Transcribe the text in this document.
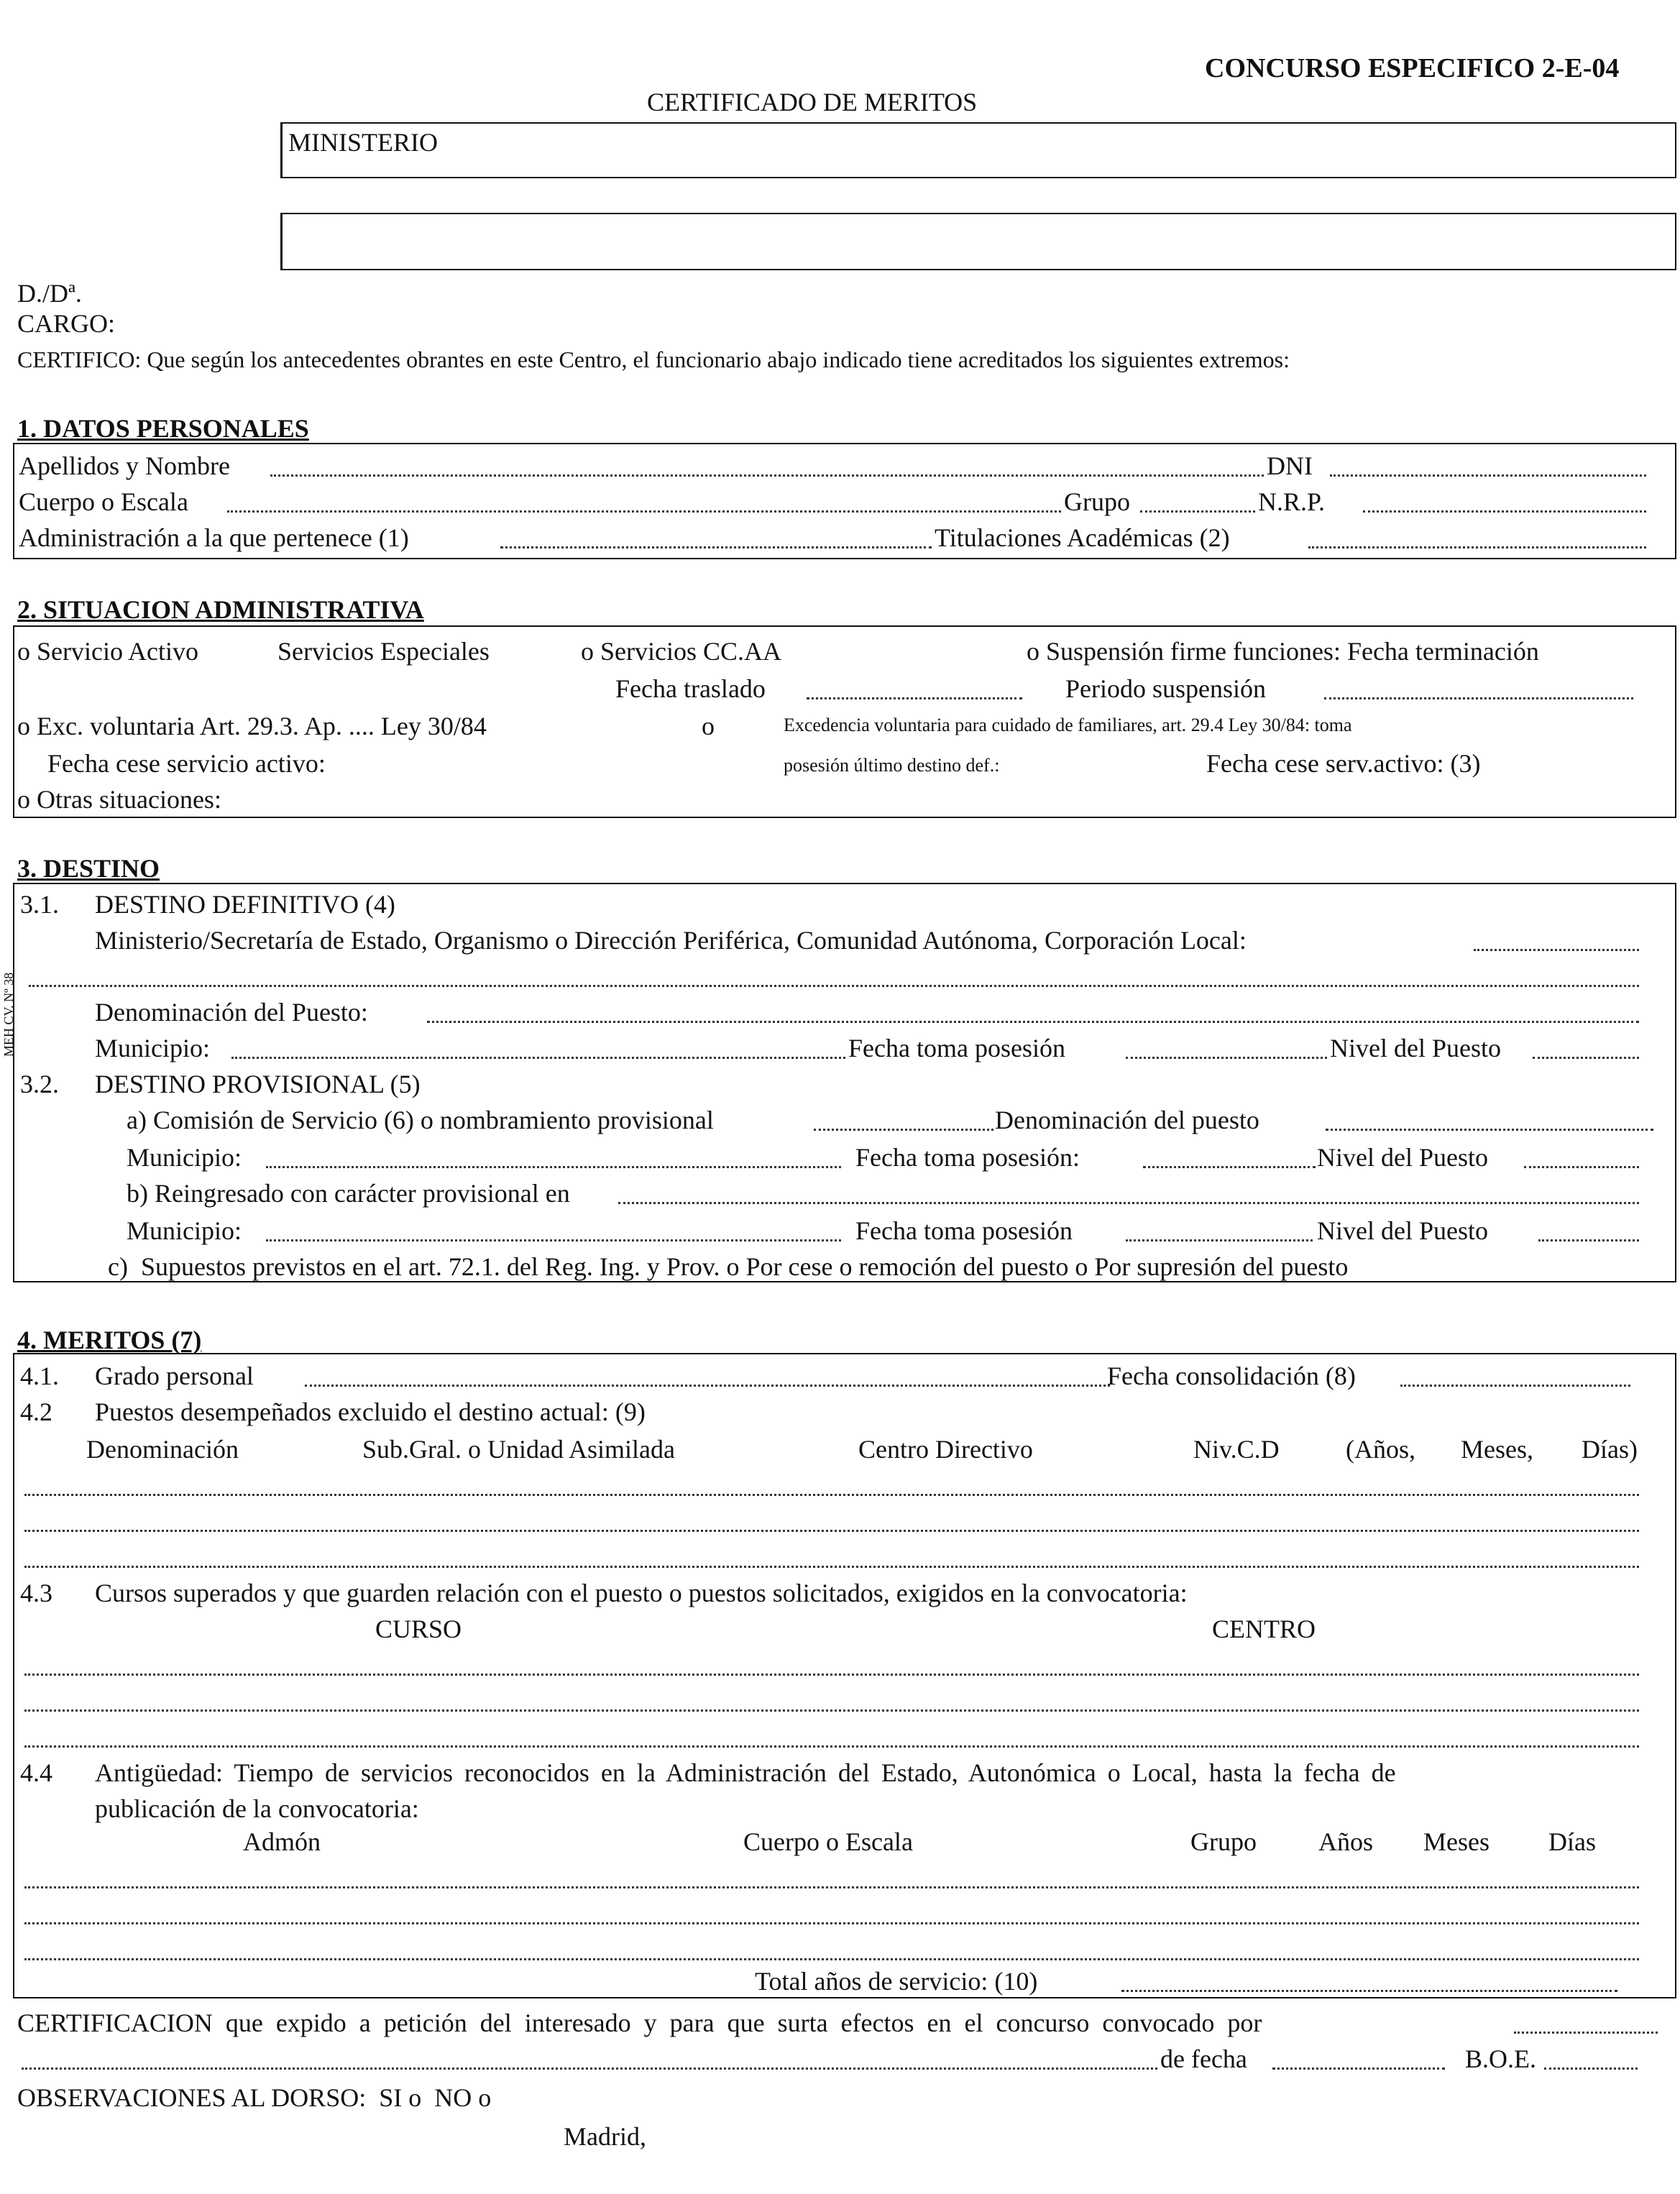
CONCURSO ESPECIFICO 2-E-04
CERTIFICADO DE MERITOS
MINISTERIO
D./Dª.
CARGO:
CERTIFICO: Que según los antecedentes obrantes en este Centro, el funcionario abajo indicado tiene acreditados los siguientes extremos:
1. DATOS PERSONALES
Apellidos y Nombre	DNI
Cuerpo o Escala	Grupo	N.R.P.
Administración a la que pertenece (1)	Titulaciones Académicas (2)
2. SITUACION ADMINISTRATIVA
o Servicio Activo	Servicios Especiales	o Servicios CC.AA	o Suspensión firme funciones: Fecha terminación
Fecha traslado	Periodo suspensión
o Exc. voluntaria Art. 29.3. Ap. .... Ley 30/84	o	Excedencia voluntaria para cuidado de familiares, art. 29.4 Ley 30/84: toma
Fecha cese servicio activo:	posesión último destino def.:	Fecha cese serv.activo: (3)
o Otras situaciones:
3. DESTINO
3.1. DESTINO DEFINITIVO (4)
Ministerio/Secretaría de Estado, Organismo o Dirección Periférica, Comunidad Autónoma, Corporación Local:
Denominación del Puesto:
Municipio:	Fecha toma posesión	Nivel del Puesto
3.2. DESTINO PROVISIONAL (5)
a) Comisión de Servicio (6) o nombramiento provisional	Denominación del puesto
Municipio:	Fecha toma posesión:	Nivel del Puesto
b) Reingresado con carácter provisional en
Municipio:	Fecha toma posesión	Nivel del Puesto
c)  Supuestos previstos en el art. 72.1. del Reg. Ing. y Prov. o Por cese o remoción del puesto o Por supresión del puesto
MEH CV. Nº 38
4. MERITOS (7)
4.1. Grado personal	Fecha consolidación (8)
4.2 Puestos desempeñados excluido el destino actual: (9)
Denominación	Sub.Gral. o Unidad Asimilada	Centro Directivo	Niv.C.D	(Años, Meses, Días)
4.3 Cursos superados y que guarden relación con el puesto o puestos solicitados, exigidos en la convocatoria:
CURSO	CENTRO
4.4 Antigüedad: Tiempo de servicios reconocidos en la Administración del Estado, Autonómica o Local, hasta la fecha de
publicación de la convocatoria:
Admón	Cuerpo o Escala	Grupo Años Meses Días
Total años de servicio: (10)
CERTIFICACION  que  expido  a  petición  del  interesado  y  para  que  surta  efectos  en  el  concurso  convocado  por
de fecha	B.O.E.
OBSERVACIONES AL DORSO:  SI o  NO o
Madrid,
